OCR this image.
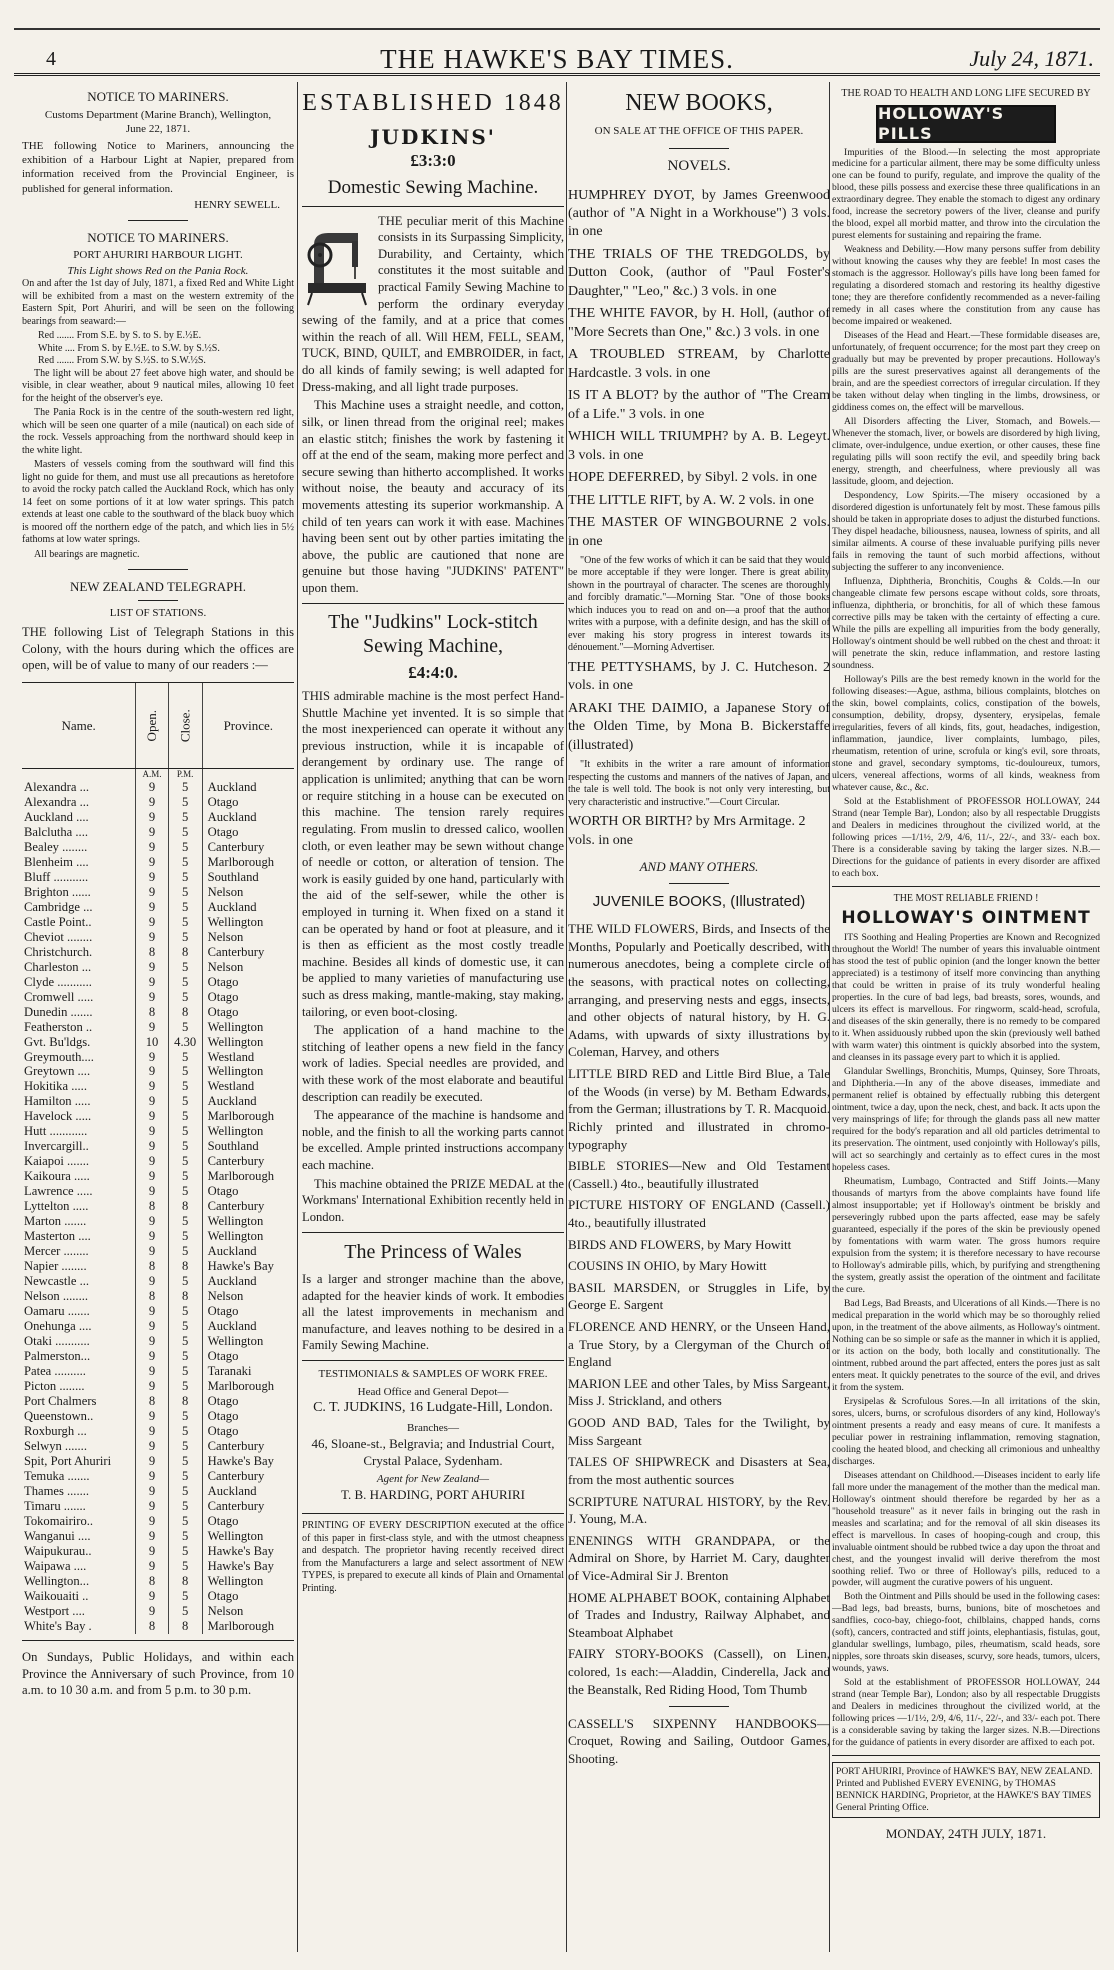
4	THE HAWKE'S BAY TIMES.	July 24, 1871.
NOTICE TO MARINERS.
Customs Department (Marine Branch), Wellington, June 22, 1871.

THE following Notice to Mariners, announcing the exhibition of a Harbour Light at Napier, prepared from information received from the Provincial Engineer, is published for general information.

HENRY SEWELL.
NOTICE TO MARINERS.
PORT AHURIRI HARBOUR LIGHT.
This Light shows Red on the Pania Rock.

On and after the 1st day of July, 1871, a fixed Red and White Light will be exhibited from a mast on the western extremity of the Eastern Spit, Port Ahuriri, and will be seen on the following bearings from seaward:—

Red ....... From S.E. by S. to S. by E.½E.
White .... From S. by E.½E. to S.W. by S.½S.
Red ....... From S.W. by S.½S. to S.W.½S.

The light will be about 27 feet above high water, and should be visible, in clear weather, about 9 nautical miles, allowing 10 feet for the height of the observer's eye.

The Pania Rock is in the centre of the south-western red light, which will be seen one quarter of a mile (nautical) on each side of the rock. Vessels approaching from the northward should keep in the white light.

Masters of vessels coming from the southward will find this light no guide for them, and must use all precautions as heretofore to avoid the rocky patch called the Auckland Rock, which has only 14 feet on some portions of it at low water springs. This patch extends at least one cable to the southward of the black buoy which is moored off the northern edge of the patch, and which lies in 5½ fathoms at low water springs.

All bearings are magnetic.

NEW ZEALAND TELEGRAPH.
LIST OF STATIONS.

THE following List of Telegraph Stations in this Colony, with the hours during which the offices are open, will be of value to many of our readers :—

Name.	Open.	Close.	Province.
	A.M.	P.M.	
Alexandra ...	9	5	Auckland
Alexandra ...	9	5	Otago
Auckland ....	9	5	Auckland
Balclutha ....	9	5	Otago
Bealey ........	9	5	Canterbury
Blenheim ....	9	5	Marlborough
Bluff ...........	9	5	Southland
Brighton ......	9	5	Nelson
Cambridge ...	9	5	Auckland
Castle Point..	9	5	Wellington
Cheviot ........	9	5	Nelson
Christchurch.	8	8	Canterbury
Charleston ...	9	5	Nelson
Clyde ...........	9	5	Otago
Cromwell .....	9	5	Otago
Dunedin .......	8	8	Otago
Featherston ..	9	5	Wellington
Gvt. Bu'ldgs.	10	4.30	Wellington
Greymouth....	9	5	Westland
Greytown ....	9	5	Wellington
Hokitika .....	9	5	Westland
Hamilton .....	9	5	Auckland
Havelock .....	9	5	Marlborough
Hutt ............	9	5	Wellington
Invercargill..	9	5	Southland
Kaiapoi .......	9	5	Canterbury
Kaikoura .....	9	5	Marlborough
Lawrence .....	9	5	Otago
Lyttelton .....	8	8	Canterbury
Marton .......	9	5	Wellington
Masterton ....	9	5	Wellington
Mercer ........	9	5	Auckland
Napier ........	8	8	Hawke's Bay
Newcastle ...	9	5	Auckland
Nelson ........	8	8	Nelson
Oamaru .......	9	5	Otago
Onehunga ....	9	5	Auckland
Otaki ...........	9	5	Wellington
Palmerston...	9	5	Otago
Patea ..........	9	5	Taranaki
Picton ........	9	5	Marlborough
Port Chalmers	8	8	Otago
Queenstown..	9	5	Otago
Roxburgh ...	9	5	Otago
Selwyn .......	9	5	Canterbury
Spit, Port Ahuriri	9	5	Hawke's Bay
Temuka .......	9	5	Canterbury
Thames .......	9	5	Auckland
Timaru .......	9	5	Canterbury
Tokomairiro..	9	5	Otago
Wanganui ....	9	5	Wellington
Waipukurau..	9	5	Hawke's Bay
Waipawa ....	9	5	Hawke's Bay
Wellington...	8	8	Wellington
Waikouaiti ..	9	5	Otago
Westport ....	9	5	Nelson
White's Bay .	8	8	Marlborough

On Sundays, Public Holidays, and within each Province the Anniversary of such Province, from 10 a.m. to 10 30 a.m. and from 5 p.m. to 30 p.m.

ESTABLISHED 1848
JUDKINS'
£3:3:0
Domestic Sewing Machine.

THE peculiar merit of this Machine consists in its Surpassing Simplicity, Durability, and Certainty, which constitutes it the most suitable and practical Family Sewing Machine to perform the ordinary everyday sewing of the family, and at a price that comes within the reach of all. Will HEM, FELL, SEAM, TUCK, BIND, QUILT, and EMBROIDER, in fact, do all kinds of family sewing; is well adapted for Dress-making, and all light trade purposes.

This Machine uses a straight needle, and cotton, silk, or linen thread from the original reel; makes an elastic stitch; finishes the work by fastening it off at the end of the seam, making more perfect and secure sewing than hitherto accomplished. It works without noise, the beauty and accuracy of its movements attesting its superior workmanship. A child of ten years can work it with ease. Machines having been sent out by other parties imitating the above, the public are cautioned that none are genuine but those having "JUDKINS' PATENT" upon them.

The "Judkins" Lock-stitch Sewing Machine,
£4:4:0.

THIS admirable machine is the most perfect Hand-Shuttle Machine yet invented. It is so simple that the most inexperienced can operate it without any previous instruction, while it is incapable of derangement by ordinary use. The range of application is unlimited; anything that can be worn or require stitching in a house can be executed on this machine. The tension rarely requires regulating. From muslin to dressed calico, woollen cloth, or even leather may be sewn without change of needle or cotton, or alteration of tension. The work is easily guided by one hand, particularly with the aid of the self-sewer, while the other is employed in turning it. When fixed on a stand it can be operated by hand or foot at pleasure, and it is then as efficient as the most costly treadle machine. Besides all kinds of domestic use, it can be applied to many varieties of manufacturing use such as dress making, mantle-making, stay making, tailoring, or even boot-closing.

The application of a hand machine to the stitching of leather opens a new field in the fancy work of ladies. Special needles are provided, and with these work of the most elaborate and beautiful description can readily be executed.

The appearance of the machine is handsome and noble, and the finish to all the working parts cannot be excelled. Ample printed instructions accompany each machine.

This machine obtained the PRIZE MEDAL at the Workmans' International Exhibition recently held in London.

The Princess of Wales

Is a larger and stronger machine than the above, adapted for the heavier kinds of work. It embodies all the latest improvements in mechanism and manufacture, and leaves nothing to be desired in a Family Sewing Machine.

TESTIMONIALS & SAMPLES OF WORK FREE.
Head Office and General Depot—
C. T. JUDKINS, 16 Ludgate-Hill, London.
Branches—
46, Sloane-st., Belgravia; and Industrial Court, Crystal Palace, Sydenham.
Agent for New Zealand—
T. B. HARDING, PORT AHURIRI

PRINTING OF EVERY DESCRIPTION executed at the office of this paper in first-class style, and with the utmost cheapness and despatch. The proprietor having recently received direct from the Manufacturers a large and select assortment of NEW TYPES, is prepared to execute all kinds of Plain and Ornamental Printing.

NEW BOOKS,
ON SALE AT THE OFFICE OF THIS PAPER.
NOVELS.
HUMPHREY DYOT, by James Greenwood (author of "A Night in a Workhouse") 3 vols. in one
THE TRIALS OF THE TREDGOLDS, by Dutton Cook, (author of "Paul Foster's Daughter," "Leo," &c.) 3 vols. in one
THE WHITE FAVOR, by H. Holl, (author of "More Secrets than One," &c.) 3 vols. in one
A TROUBLED STREAM, by Charlotte Hardcastle. 3 vols. in one
IS IT A BLOT? by the author of "The Cream of a Life." 3 vols. in one
WHICH WILL TRIUMPH? by A. B. Legeyt. 3 vols. in one
HOPE DEFERRED, by Sibyl. 2 vols. in one
THE LITTLE RIFT, by A. W. 2 vols. in one
THE MASTER OF WINGBOURNE 2 vols. in one

"One of the few works of which it can be said that they would be more acceptable if they were longer. There is great ability shown in the pourtrayal of character. The scenes are thoroughly and forcibly dramatic."—Morning Star. "One of those books which induces you to read on and on—a proof that the author writes with a purpose, with a definite design, and has the skill of ever making his story progress in interest towards its dénouement."—Morning Advertiser.

THE PETTYSHAMS, by J. C. Hutcheson. 2 vols. in one
ARAKI THE DAIMIO, a Japanese Story of the Olden Time, by Mona B. Bickerstaffe (illustrated)

"It exhibits in the writer a rare amount of information respecting the customs and manners of the natives of Japan, and the tale is well told. The book is not only very interesting, but very characteristic and instructive."—Court Circular.

WORTH OR BIRTH? by Mrs Armitage. 2 vols. in one
AND MANY OTHERS.
JUVENILE BOOKS, (Illustrated)
THE WILD FLOWERS, Birds, and Insects of the Months, Popularly and Poetically described, with numerous anecdotes, being a complete circle of the seasons, with practical notes on collecting, arranging, and preserving nests and eggs, insects, and other objects of natural history, by H. G. Adams, with upwards of sixty illustrations by Coleman, Harvey, and others
LITTLE BIRD RED and Little Bird Blue, a Tale of the Woods (in verse) by M. Betham Edwards, from the German; illustrations by T. R. Macquoid. Richly printed and illustrated in chromo-typography
BIBLE STORIES—New and Old Testament (Cassell.) 4to., beautifully illustrated
PICTURE HISTORY OF ENGLAND (Cassell.) 4to., beautifully illustrated
BIRDS AND FLOWERS, by Mary Howitt
COUSINS IN OHIO, by Mary Howitt
BASIL MARSDEN, or Struggles in Life, by George E. Sargent
FLORENCE AND HENRY, or the Unseen Hand, a True Story, by a Clergyman of the Church of England
MARION LEE and other Tales, by Miss Sargeant, Miss J. Strickland, and others
GOOD AND BAD, Tales for the Twilight, by Miss Sargeant
TALES OF SHIPWRECK and Disasters at Sea, from the most authentic sources
SCRIPTURE NATURAL HISTORY, by the Rev. J. Young, M.A.
ENENINGS WITH GRANDPAPA, or the Admiral on Shore, by Harriet M. Cary, daughter of Vice-Admiral Sir J. Brenton
HOME ALPHABET BOOK, containing Alphabet of Trades and Industry, Railway Alphabet, and Steamboat Alphabet
FAIRY STORY-BOOKS (Cassell), on Linen, colored, 1s each:—Aladdin, Cinderella, Jack and the Beanstalk, Red Riding Hood, Tom Thumb
CASSELL'S SIXPENNY HANDBOOKS—Croquet, Rowing and Sailing, Outdoor Games, Shooting.
THE ROAD TO HEALTH AND LONG LIFE SECURED BY
HOLLOWAY'S PILLS

Impurities of the Blood.—In selecting the most appropriate medicine for a particular ailment, there may be some difficulty unless one can be found to purify, regulate, and improve the quality of the blood, these pills possess and exercise these three qualifications in an extraordinary degree. They enable the stomach to digest any ordinary food, increase the secretory powers of the liver, cleanse and purify the blood, expel all morbid matter, and throw into the circulation the purest elements for sustaining and repairing the frame.

Weakness and Debility.—How many persons suffer from debility without knowing the causes why they are feeble! In most cases the stomach is the aggressor. Holloway's pills have long been famed for regulating a disordered stomach and restoring its healthy digestive tone; they are therefore confidently recommended as a never-failing remedy in all cases where the constitution from any cause has become impaired or weakened.

Diseases of the Head and Heart.—These formidable diseases are, unfortunately, of frequent occurrence; for the most part they creep on gradually but may be prevented by proper precautions. Holloway's pills are the surest preservatives against all derangements of the brain, and are the speediest correctors of irregular circulation. If they be taken without delay when tingling in the limbs, drowsiness, or giddiness comes on, the effect will be marvellous.

All Disorders affecting the Liver, Stomach, and Bowels.—Whenever the stomach, liver, or bowels are disordered by high living, climate, over-indulgence, undue exertion, or other causes, these fine regulating pills will soon rectify the evil, and speedily bring back energy, strength, and cheerfulness, where previously all was lassitude, gloom, and dejection.

Despondency, Low Spirits.—The misery occasioned by a disordered digestion is unfortunately felt by most. These famous pills should be taken in appropriate doses to adjust the disturbed functions. They dispel headache, biliousness, nausea, lowness of spirits, and all similar ailments. A course of these invaluable purifying pills never fails in removing the taunt of such morbid affections, without subjecting the sufferer to any inconvenience.

Influenza, Diphtheria, Bronchitis, Coughs & Colds.—In our changeable climate few persons escape without colds, sore throats, influenza, diphtheria, or bronchitis, for all of which these famous corrective pills may be taken with the certainty of effecting a cure. While the pills are expelling all impurities from the body generally, Holloway's ointment should be well rubbed on the chest and throat: it will penetrate the skin, reduce inflammation, and restore lasting soundness.

Holloway's Pills are the best remedy known in the world for the following diseases:—Ague, asthma, bilious complaints, blotches on the skin, bowel complaints, colics, constipation of the bowels, consumption, debility, dropsy, dysentery, erysipelas, female irregularities, fevers of all kinds, fits, gout, headaches, indigestion, inflammation, jaundice, liver complaints, lumbago, piles, rheumatism, retention of urine, scrofula or king's evil, sore throats, stone and gravel, secondary symptoms, tic-douloureux, tumors, ulcers, venereal affections, worms of all kinds, weakness from whatever cause, &c., &c.

Sold at the Establishment of PROFESSOR HOLLOWAY, 244 Strand (near Temple Bar), London; also by all respectable Druggists and Dealers in medicines throughout the civilized world, at the following prices —1/1½, 2/9, 4/6, 11/-, 22/-, and 33/- each box. There is a considerable saving by taking the larger sizes. N.B.—Directions for the guidance of patients in every disorder are affixed to each box.

THE MOST RELIABLE FRIEND !
HOLLOWAY'S OINTMENT

ITS Soothing and Healing Properties are Known and Recognized throughout the World! The number of years this invaluable ointment has stood the test of public opinion (and the longer known the better appreciated) is a testimony of itself more convincing than anything that could be written in praise of its truly wonderful healing properties. In the cure of bad legs, bad breasts, sores, wounds, and ulcers its effect is marvellous. For ringworm, scald-head, scrofula, and diseases of the skin generally, there is no remedy to be compared to it. When assiduously rubbed upon the skin (previously well bathed with warm water) this ointment is quickly absorbed into the system, and cleanses in its passage every part to which it is applied.

Glandular Swellings, Bronchitis, Mumps, Quinsey, Sore Throats, and Diphtheria.—In any of the above diseases, immediate and permanent relief is obtained by effectually rubbing this detergent ointment, twice a day, upon the neck, chest, and back. It acts upon the very mainsprings of life; for through the glands pass all new matter required for the body's reparation and all old particles detrimental to its preservation. The ointment, used conjointly with Holloway's pills, will act so searchingly and certainly as to effect cures in the most hopeless cases.

Rheumatism, Lumbago, Contracted and Stiff Joints.—Many thousands of martyrs from the above complaints have found life almost insupportable; yet if Holloway's ointment be briskly and perseveringly rubbed upon the parts affected, ease may be safely guaranteed, especially if the pores of the skin be previously opened by fomentations with warm water. The gross humors require expulsion from the system; it is therefore necessary to have recourse to Holloway's admirable pills, which, by purifying and strengthening the system, greatly assist the operation of the ointment and facilitate the cure.

Bad Legs, Bad Breasts, and Ulcerations of all Kinds.—There is no medical preparation in the world which may be so thoroughly relied upon, in the treatment of the above ailments, as Holloway's ointment. Nothing can be so simple or safe as the manner in which it is applied, or its action on the body, both locally and constitutionally. The ointment, rubbed around the part affected, enters the pores just as salt enters meat. It quickly penetrates to the source of the evil, and drives it from the system.

Erysipelas & Scrofulous Sores.—In all irritations of the skin, sores, ulcers, burns, or scrofulous disorders of any kind, Holloway's ointment presents a ready and easy means of cure. It manifests a peculiar power in restraining inflammation, removing stagnation, cooling the heated blood, and checking all crimonious and unhealthy discharges.

Diseases attendant on Childhood.—Diseases incident to early life fall more under the management of the mother than the medical man. Holloway's ointment should therefore be regarded by her as a "household treasure" as it never fails in bringing out the rash in measles and scarlatina; and for the removal of all skin diseases its effect is marvellous. In cases of hooping-cough and croup, this invaluable ointment should be rubbed twice a day upon the throat and chest, and the youngest invalid will derive therefrom the most soothing relief. Two or three of Holloway's pills, reduced to a powder, will augment the curative powers of his unguent.

Both the Ointment and Pills should be used in the following cases:—Bad legs, bad breasts, burns, bunions, bite of moschetoes and sandflies, coco-bay, chiego-foot, chilblains, chapped hands, corns (soft), cancers, contracted and stiff joints, elephantiasis, fistulas, gout, glandular swellings, lumbago, piles, rheumatism, scald heads, sore nipples, sore throats skin diseases, scurvy, sore heads, tumors, ulcers, wounds, yaws.

Sold at the establishment of PROFESSOR HOLLOWAY, 244 strand (near Temple Bar), London; also by all respectable Druggists and Dealers in medicines throughout the civilized world, at the following prices —1/1½, 2/9, 4/6, 11/-, 22/-, and 33/- each pot. There is a considerable saving by taking the larger sizes. N.B.—Directions for the guidance of patients in every disorder are affixed to each pot.

PORT AHURIRI, Province of HAWKE'S BAY, NEW ZEALAND. Printed and Published EVERY EVENING, by THOMAS BENNICK HARDING, Proprietor, at the HAWKE'S BAY TIMES General Printing Office.
MONDAY, 24TH JULY, 1871.
